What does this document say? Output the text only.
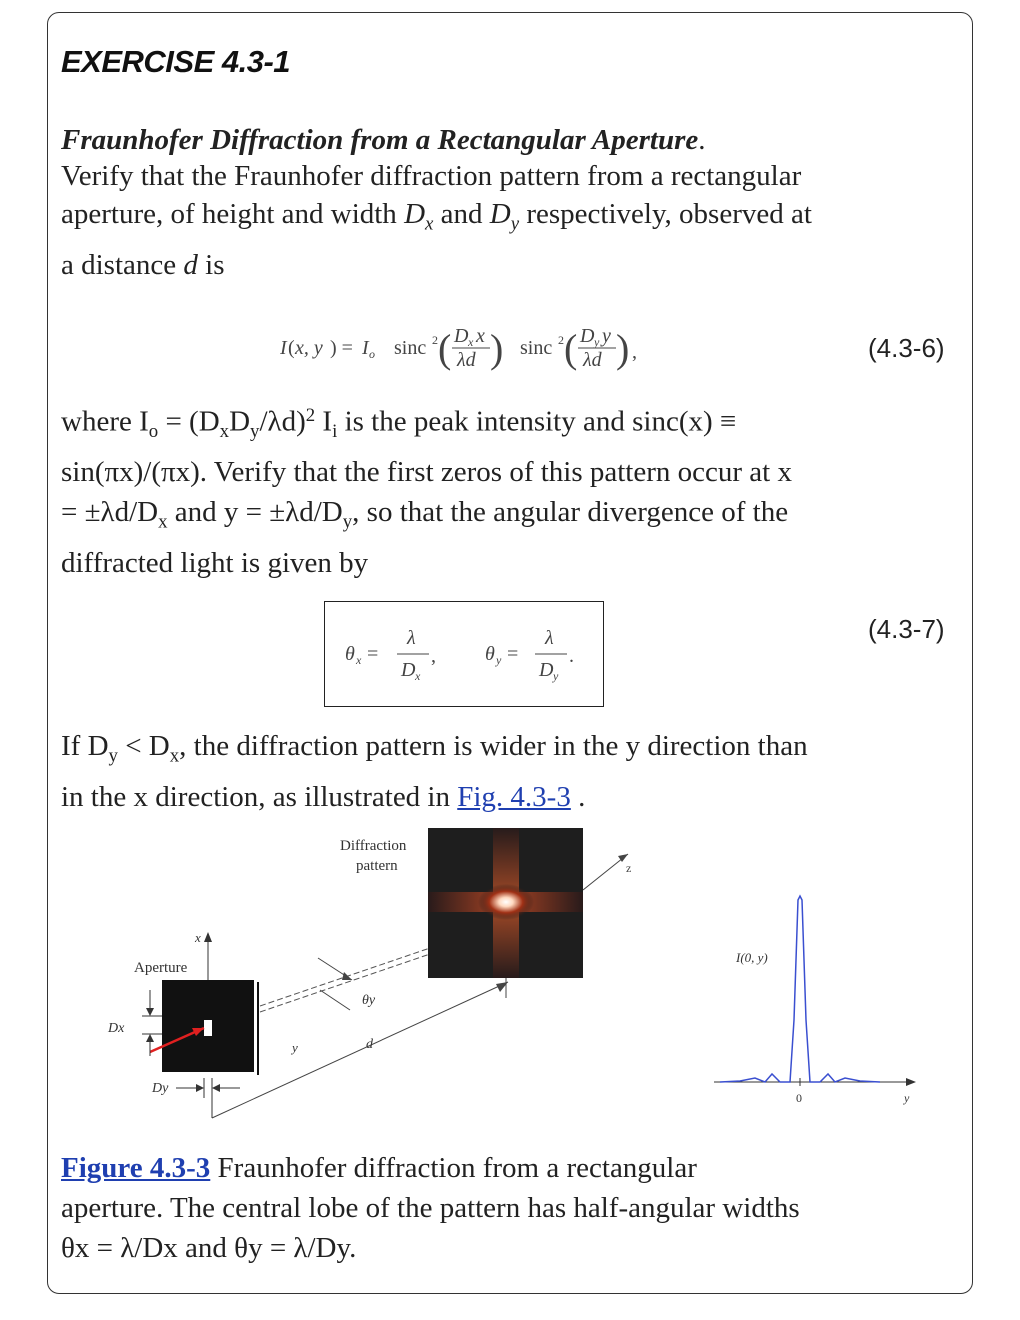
EXERCISE 4.3-1
Fraunhofer Diffraction from a Rectangular Aperture.
Verify that the Fraunhofer diffraction pattern from a rectangular
aperture, of height and width $D_x$ and $D_y$ respectively, observed at
a distance d is
I ( x, y ) = I o sinc 2 ( D x x
λd ) sinc 2 ( D y y
λd ) ,	(4.3-6)
where $I_o = (D_xD_y/\lambda d)^2$ $I_i$ is the peak intensity and sinc(x) ≡
sin(πx)/(πx). Verify that the first zeros of this pattern occur at x
= $\pm\lambda d/D_x$ and $y = \pm\lambda d/D_y$, so that the angular divergence of the
diffracted light is given by
θ x =
λ
D x
, θ y =
λ
D y
.
(4.3-7)
If $D_y < D_x$, the diffraction pattern is wider in the y direction than
in the x direction, as illustrated in Fig. 4.3-3 .
z
Diffraction
pattern
Aperture
x
y
Dx
Dy
θy
d
I(0, y)
0	y
Figure 4.3-3 Fraunhofer diffraction from a rectangular
aperture. The central lobe of the pattern has half-angular widths
θx = λ/Dx and θy = λ/Dy.
